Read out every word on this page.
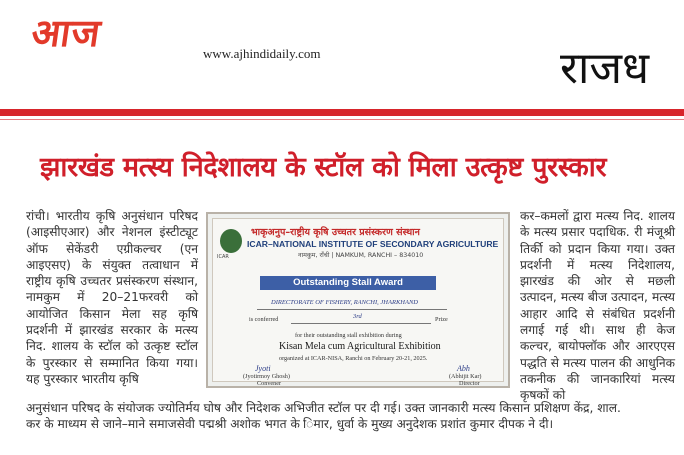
आज	www.ajhindidaily.com	राजध
झारखंड मत्स्य निदेशालय के स्टॉल को मिला उत्कृष्ट पुरस्कार
रांची। भारतीय कृषि अनुसंधान परिषद (आइसीएआर) और नेशनल इंस्टीट्यूट ऑफ सेकेंडरी एग्रीकल्चर (एन आइएसए) के संयुक्त तत्वाधान में राष्ट्रीय कृषि उच्चतर प्रसंस्करण संस्थान, नामकुम में 20–21फरवरी को आयोजित किसान मेला सह कृषि प्रदर्शनी में झारखंड सरकार के मत्स्य निद. शालय के स्टॉल को उत्कृष्ट स्टॉल के पुरस्कार से सम्मानित किया गया। यह पुरस्कार भारतीय कृषि
कर–कमलों द्वारा मत्स्य निद. शालय के मत्स्य प्रसार पदाधिक. री मंजूश्री तिर्की को प्रदान किया गया। उक्त प्रदर्शनी में मत्स्य निदेशालय, झारखंड की ओर से मछली उत्पादन, मत्स्य बीज उत्पादन, मत्स्य आहार आदि से संबंधित प्रदर्शनी लगाई गई थी। साथ ही केज कल्चर, बायोफ्लॉक और आरएएस पद्धति से मत्स्य पालन की आधुनिक तकनीक की जानकारियां मत्स्य कृषकों को
अनुसंधान परिषद के संयोजक ज्योतिर्मय घोष और निदेशक अभिजीत स्टॉल पर दी गई। उक्त जानकारी मत्स्य किसान प्रशिक्षण केंद्र, शाल.
कर के माध्यम से जाने–माने समाजसेवी पद्मश्री अशोक भगत के िमार, धुर्वा के मुख्य अनुदेशक प्रशांत कुमार दीपक ने दी।
ICAR
भाकृअनुप–राष्ट्रीय कृषि उच्चतर प्रसंस्करण संस्थान
ICAR–NATIONAL INSTITUTE OF SECONDARY AGRICULTURE
नामकुम, राँची | NAMKUM, RANCHI – 834010
Outstanding Stall Award
DIRECTORATE OF FISHERY, RANCHI, JHARKHAND
is conferred	3rd	Prize
for their outstanding stall exhibition during
Kisan Mela cum Agricultural Exhibition
organized at ICAR-NISA, Ranchi on February 20-21, 2025.
Jyoti
(Jyotirmoy Ghosh)
Convener
Abh
(Abhijit Kar)
Director
